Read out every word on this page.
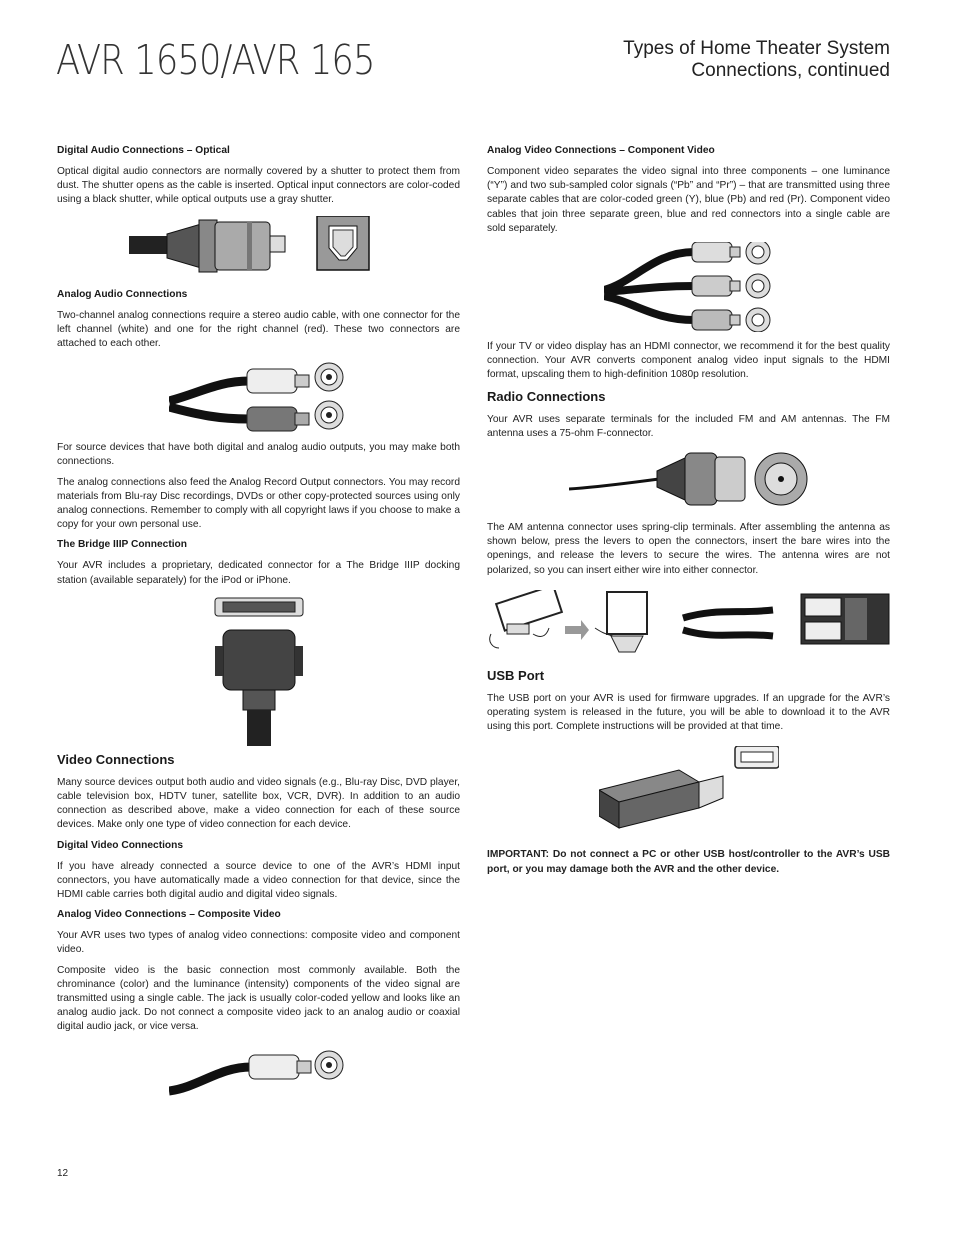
AVR 1650/AVR 165	Types of Home Theater System
Connections, continued
Digital Audio Connections – Optical

Optical digital audio connectors are normally covered by a shutter to protect them from dust. The shutter opens as the cable is inserted. Optical input connectors are color-coded using a black shutter, while optical outputs use a gray shutter.

Analog Audio Connections

Two-channel analog connections require a stereo audio cable, with one connector for the left channel (white) and one for the right channel (red). These two connectors are attached to each other.

For source devices that have both digital and analog audio outputs, you may make both connections.

The analog connections also feed the Analog Record Output connectors. You may record materials from Blu-ray Disc recordings, DVDs or other copy-protected sources using only analog connections. Remember to comply with all copyright laws if you choose to make a copy for your own personal use.

The Bridge IIIP Connection

Your AVR includes a proprietary, dedicated connector for a The Bridge IIIP docking station (available separately) for the iPod or iPhone.

Video Connections

Many source devices output both audio and video signals (e.g., Blu-ray Disc, DVD player, cable television box, HDTV tuner, satellite box, VCR, DVR). In addition to an audio connection as described above, make a video connection for each of these source devices. Make only one type of video connection for each device.

Digital Video Connections

If you have already connected a source device to one of the AVR’s HDMI input connectors, you have automatically made a video connection for that device, since the HDMI cable carries both digital audio and digital video signals.

Analog Video Connections – Composite Video

Your AVR uses two types of analog video connections: composite video and component video.

Composite video is the basic connection most commonly available. Both the chrominance (color) and the luminance (intensity) components of the video signal are transmitted using a single cable. The jack is usually color-coded yellow and looks like an analog audio jack. Do not connect a composite video jack to an analog audio or coaxial digital audio jack, or vice versa.

Analog Video Connections – Component Video

Component video separates the video signal into three components – one luminance (“Y”) and two sub-sampled color signals (“Pb” and “Pr”) – that are transmitted using three separate cables that are color-coded green (Y), blue (Pb) and red (Pr). Component video cables that join three separate green, blue and red connectors into a single cable are sold separately.

If your TV or video display has an HDMI connector, we recommend it for the best quality connection. Your AVR converts component analog video input signals to the HDMI format, upscaling them to high-definition 1080p resolution.

Radio Connections

Your AVR uses separate terminals for the included FM and AM antennas. The FM antenna uses a 75-ohm F-connector.

The AM antenna connector uses spring-clip terminals. After assembling the antenna as shown below, press the levers to open the connectors, insert the bare wires into the openings, and release the levers to secure the wires. The antenna wires are not polarized, so you can insert either wire into either connector.

USB Port

The USB port on your AVR is used for firmware upgrades. If an upgrade for the AVR’s operating system is released in the future, you will be able to download it to the AVR using this port. Complete instructions will be provided at that time.

IMPORTANT: Do not connect a PC or other USB host/controller to the AVR’s USB port, or you may damage both the AVR and the other device.

12
